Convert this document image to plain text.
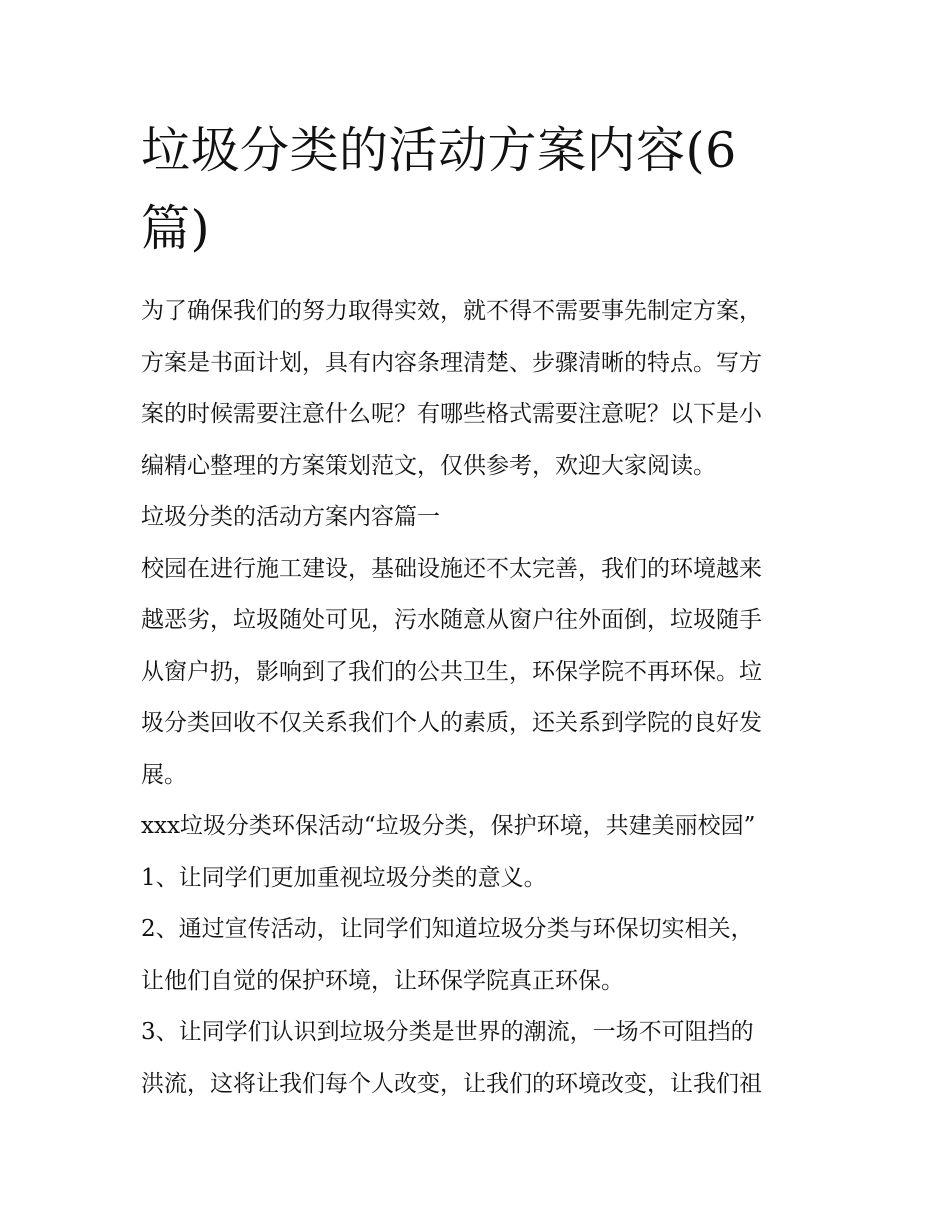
垃圾分类的活动方案内容(6
篇)

为了确保我们的努力取得实效，就不得不需要事先制定方案，
方案是书面计划，具有内容条理清楚、步骤清晰的特点。写方
案的时候需要注意什么呢？有哪些格式需要注意呢？以下是小
编精心整理的方案策划范文，仅供参考，欢迎大家阅读。

垃圾分类的活动方案内容篇一

校园在进行施工建设，基础设施还不太完善，我们的环境越来
越恶劣，垃圾随处可见，污水随意从窗户往外面倒，垃圾随手
从窗户扔，影响到了我们的公共卫生，环保学院不再环保。垃
圾分类回收不仅关系我们个人的素质，还关系到学院的良好发
展。

xxx垃圾分类环保活动“垃圾分类，保护环境，共建美丽校园”

1、让同学们更加重视垃圾分类的意义。

2、通过宣传活动，让同学们知道垃圾分类与环保切实相关，
让他们自觉的保护环境，让环保学院真正环保。

3、让同学们认识到垃圾分类是世界的潮流，一场不可阻挡的
洪流，这将让我们每个人改变，让我们的环境改变，让我们祖
